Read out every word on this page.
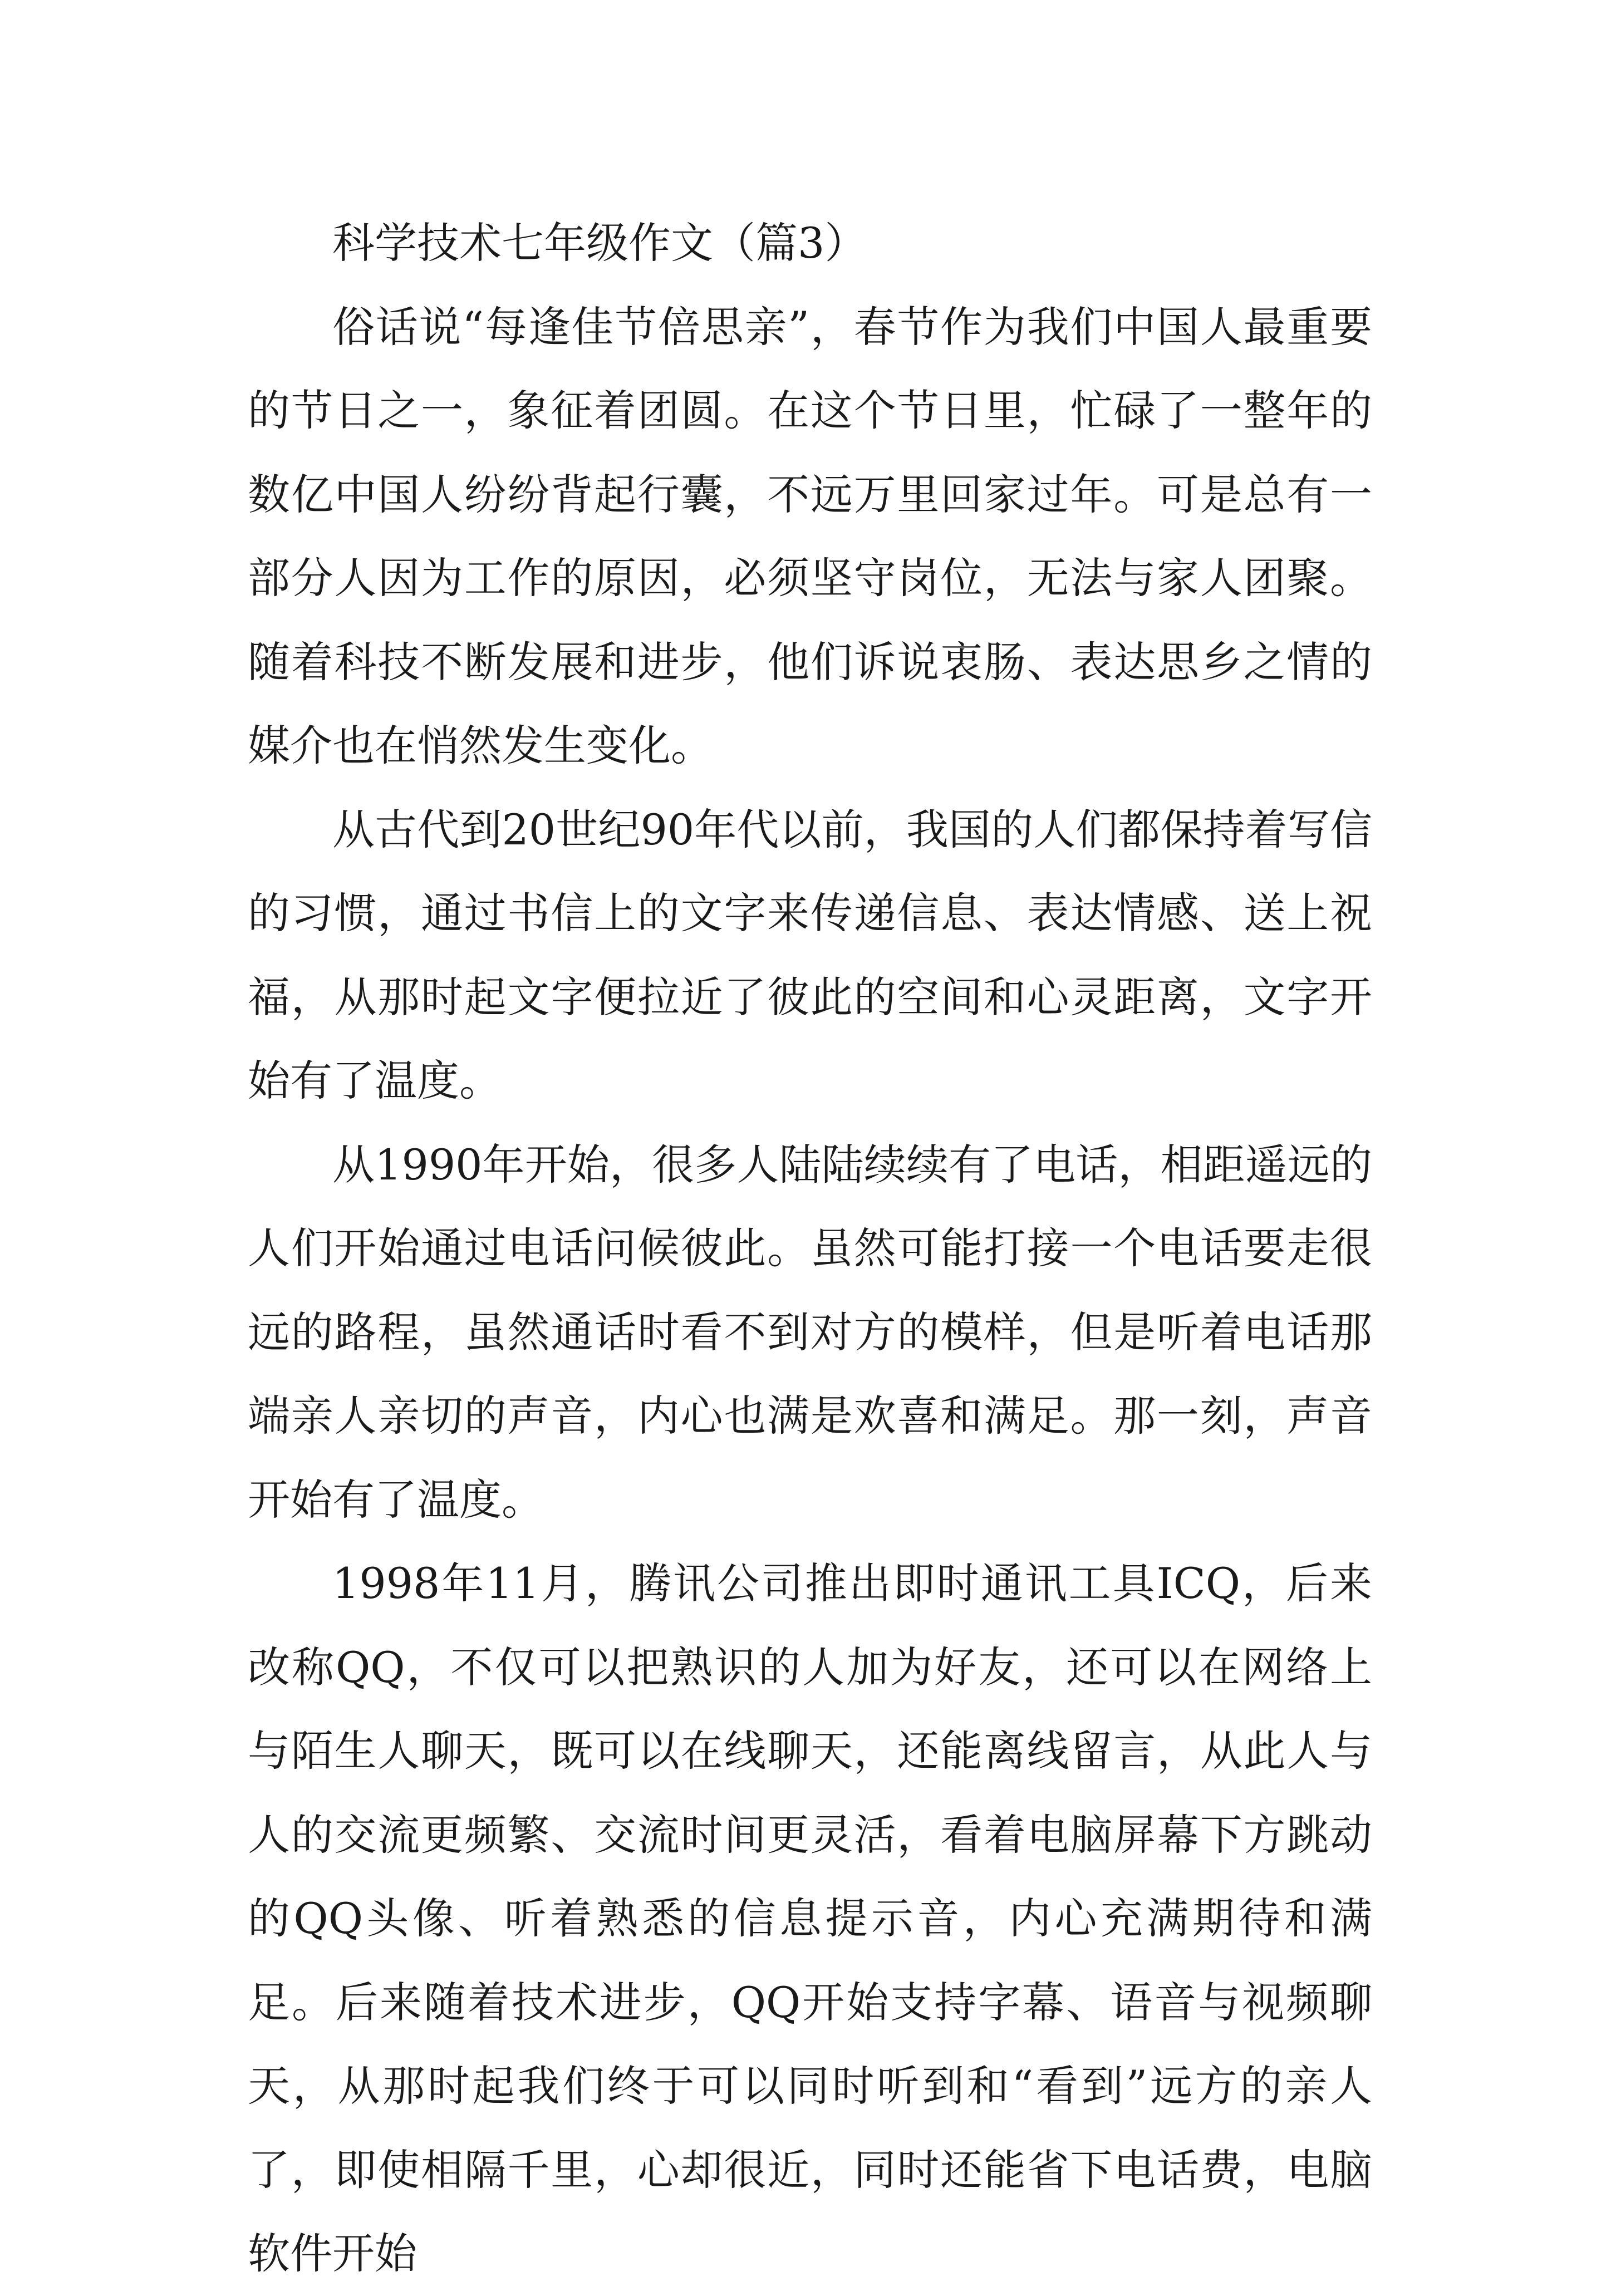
科学技术七年级作文（篇3）

俗话说“每逢佳节倍思亲”，春节作为我们中国人最重要的节日之一，象征着团圆。在这个节日里，忙碌了一整年的数亿中国人纷纷背起行囊，不远万里回家过年。可是总有一部分人因为工作的原因，必须坚守岗位，无法与家人团聚。随着科技不断发展和进步，他们诉说衷肠、表达思乡之情的媒介也在悄然发生变化。

从古代到20世纪90年代以前，我国的人们都保持着写信的习惯，通过书信上的文字来传递信息、表达情感、送上祝福，从那时起文字便拉近了彼此的空间和心灵距离，文字开始有了温度。

从1990年开始，很多人陆陆续续有了电话，相距遥远的人们开始通过电话问候彼此。虽然可能打接一个电话要走很远的路程，虽然通话时看不到对方的模样，但是听着电话那端亲人亲切的声音，内心也满是欢喜和满足。那一刻，声音开始有了温度。

1998年11月，腾讯公司推出即时通讯工具ICQ，后来改称QQ，不仅可以把熟识的人加为好友，还可以在网络上与陌生人聊天，既可以在线聊天，还能离线留言，从此人与人的交流更频繁、交流时间更灵活，看着电脑屏幕下方跳动的QQ头像、听着熟悉的信息提示音，内心充满期待和满足。后来随着技术进步，QQ开始支持字幕、语音与视频聊天，从那时起我们终于可以同时听到和“看到”远方的亲人了，即使相隔千里，心却很近，同时还能省下电话费，电脑软件开始
